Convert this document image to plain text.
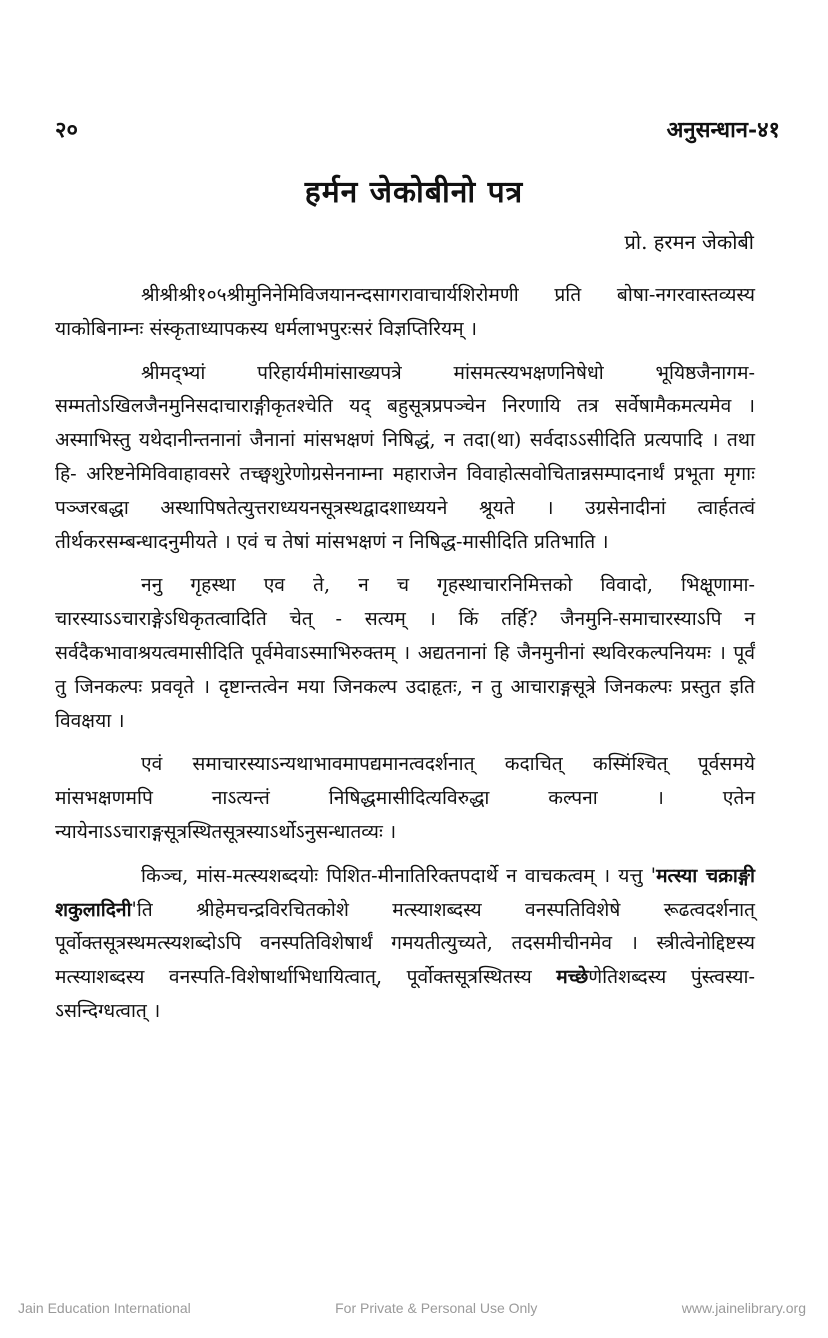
२०	अनुसन्धान-४१
हर्मन जेकोबीनो पत्र
प्रो. हरमन जेकोबी

श्रीश्रीश्री१०५श्रीमुनिनेमिविजयानन्दसागरावाचार्यशिरोमणी प्रति बोषा-नगरवास्तव्यस्य याकोबिनाम्नः संस्कृताध्यापकस्य धर्मलाभपुरःसरं विज्ञप्तिरियम् ।

श्रीमद्भ्यां परिहार्यमीमांसाख्यपत्रे मांसमत्स्यभक्षणनिषेधो भूयिष्ठजैनागम-सम्मतोऽखिलजैनमुनिसदाचाराङ्गीकृतश्चेति यद् बहुसूत्रप्रपञ्चेन निरणायि तत्र सर्वेषामैकमत्यमेव । अस्माभिस्तु यथेदानीन्तनानां जैनानां मांसभक्षणं निषिद्धं, न तदा(था) सर्वदाऽऽसीदिति प्रत्यपादि । तथा हि- अरिष्टनेमिविवाहावसरे तच्छ्वशुरेणोग्रसेननाम्ना महाराजेन विवाहोत्सवोचितान्नसम्पादनार्थं प्रभूता मृगाः पञ्जरबद्धा अस्थापिषतेत्युत्तराध्ययनसूत्रस्थद्वादशाध्ययने श्रूयते । उग्रसेनादीनां त्वार्हतत्वं तीर्थकरसम्बन्धादनुमीयते । एवं च तेषां मांसभक्षणं न निषिद्ध-मासीदिति प्रतिभाति ।

ननु गृहस्था एव ते, न च गृहस्थाचारनिमित्तको विवादो, भिक्षूणामा-चारस्याऽऽचाराङ्गेऽधिकृतत्वादिति चेत् - सत्यम् । किं तर्हि? जैनमुनि-समाचारस्याऽपि न सर्वदैकभावाश्रयत्वमासीदिति पूर्वमेवाऽस्माभिरुक्तम् । अद्यतनानां हि जैनमुनीनां स्थविरकल्पनियमः । पूर्वं तु जिनकल्पः प्रववृते । दृष्टान्तत्वेन मया जिनकल्प उदाहृतः, न तु आचाराङ्गसूत्रे जिनकल्पः प्रस्तुत इति विवक्षया ।

एवं समाचारस्याऽन्यथाभावमापद्यमानत्वदर्शनात् कदाचित् कस्मिंश्चित् पूर्वसमये मांसभक्षणमपि नाऽत्यन्तं निषिद्धमासीदित्यविरुद्धा कल्पना । एतेन न्यायेनाऽऽचाराङ्गसूत्रस्थितसूत्रस्याऽर्थोऽनुसन्धातव्यः ।

किञ्च, मांस-मत्स्यशब्दयोः पिशित-मीनातिरिक्तपदार्थे न वाचकत्वम् । यत्तु 'मत्स्या चक्राङ्गी शकुलादिनी'ति श्रीहेमचन्द्रविरचितकोशे मत्स्याशब्दस्य वनस्पतिविशेषे रूढत्वदर्शनात् पूर्वोक्तसूत्रस्थमत्स्यशब्दोऽपि वनस्पतिविशेषार्थं गमयतीत्युच्यते, तदसमीचीनमेव । स्त्रीत्वेनोद्दिष्टस्य मत्स्याशब्दस्य वनस्पति-विशेषार्थाभिधायित्वात्, पूर्वोक्तसूत्रस्थितस्य मच्छेणेतिशब्दस्य पुंस्त्वस्या-ऽसन्दिग्धत्वात् ।

Jain Education International	For Private & Personal Use Only	www.jainelibrary.org
